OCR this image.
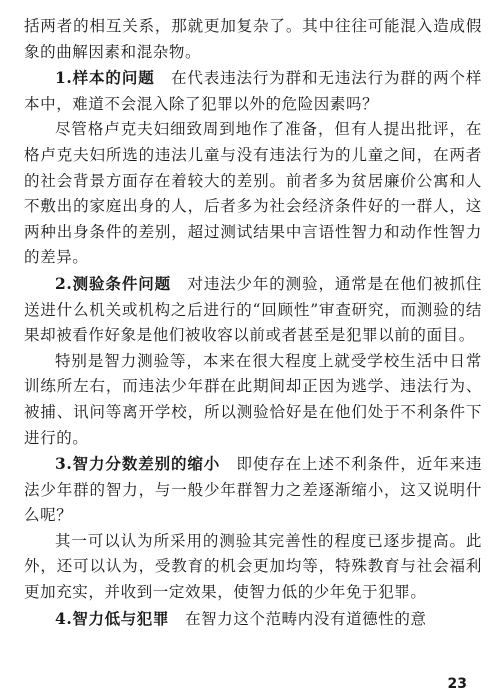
括两者的相互关系，那就更加复杂了。其中往往可能混入造成假象的曲解因素和混杂物。

1.样本的问题　在代表违法行为群和无违法行为群的两个样本中，难道不会混入除了犯罪以外的危险因素吗？

尽管格卢克夫妇细致周到地作了准备，但有人提出批评，在格卢克夫妇所选的违法儿童与没有违法行为的儿童之间，在两者的社会背景方面存在着较大的差别。前者多为贫居廉价公寓和人不敷出的家庭出身的人，后者多为社会经济条件好的一群人，这两种出身条件的差别，超过测试结果中言语性智力和动作性智力的差异。

2.测验条件问题　对违法少年的测验，通常是在他们被抓住送进什么机关或机构之后进行的“回顾性”审查研究，而测验的结果却被看作好象是他们被收容以前或者甚至是犯罪以前的面目。

特别是智力测验等，本来在很大程度上就受学校生活中日常训练所左右，而违法少年群在此期间却正因为逃学、违法行为、被捕、讯问等离开学校，所以测验恰好是在他们处于不利条件下进行的。

3.智力分数差别的缩小　即使存在上述不利条件，近年来违法少年群的智力，与一般少年群智力之差逐渐缩小，这又说明什么呢？

其一可以认为所采用的测验其完善性的程度已逐步提高。此外，还可以认为，受教育的机会更加均等，特殊教育与社会福利更加充实，并收到一定效果，使智力低的少年免于犯罪。

4.智力低与犯罪　在智力这个范畴内没有道德性的意

23
